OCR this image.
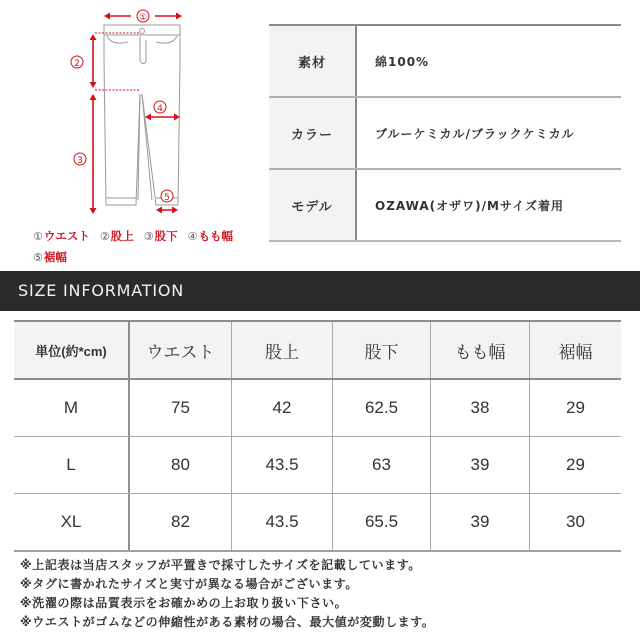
①
2
3
4
5
①ウエスト ②股上 ③股下 ④もも幅
⑤裾幅
素材	綿100%
カラー	ブルーケミカル/ブラックケミカル
モデル	OZAWA(オザワ)/Mサイズ着用
SIZE INFORMATION
単位(約*cm)	ウエスト	股上	股下	もも幅	裾幅
M	75	42	62.5	38	29
L	80	43.5	63	39	29
XL	82	43.5	65.5	39	30
※上記表は当店スタッフが平置きで採寸したサイズを記載しています。
※タグに書かれたサイズと実寸が異なる場合がございます。
※洗濯の際は品質表示をお確かめの上お取り扱い下さい。
※ウエストがゴムなどの伸縮性がある素材の場合、最大値が変動します。
